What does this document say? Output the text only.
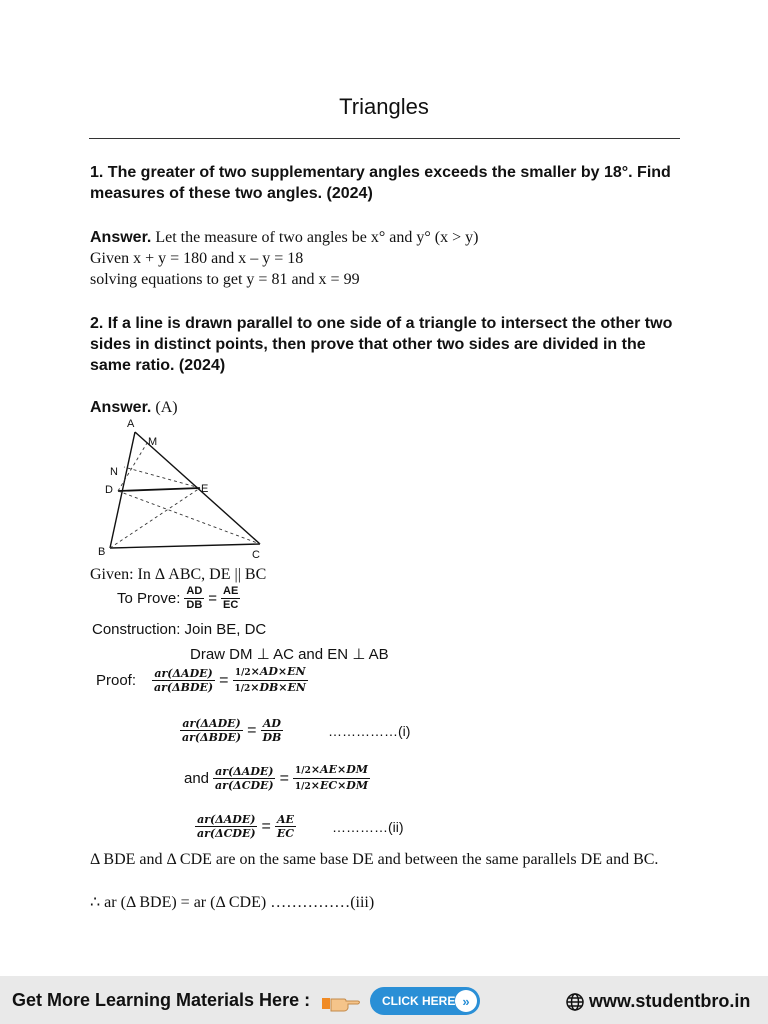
Triangles
1. The greater of two supplementary angles exceeds the smaller by 18°. Find measures of these two angles. (2024)
Answer. Let the measure of two angles be x° and y° (x > y)
Given x + y = 180 and x – y = 18
solving equations to get y = 81 and x = 99
2. If a line is drawn parallel to one side of a triangle to intersect the other two sides in distinct points, then prove that other two sides are divided in the same ratio. (2024)
Answer. (A)
A
M
N
D	E
B	C
Given: In Δ ABC, DE || BC
To Prove: $\frac{AD}{DB} = \frac{AE}{EC}$
Construction: Join BE, DC
Draw DM ⊥ AC and EN ⊥ AB
Proof:	$\frac{\text{ar(ΔADE)}}{\text{ar(ΔBDE)}} = \frac{1/2\times AD\times EN}{1/2\times DB\times EN}$
$\frac{\text{ar(ΔADE)}}{\text{ar(ΔBDE)}} = \frac{AD}{DB}$	……………(i)
and $\frac{\text{ar(ΔADE)}}{\text{ar(ΔCDE)}} = \frac{1/2\times AE\times DM}{1/2\times EC\times DM}$
$\frac{\text{ar(ΔADE)}}{\text{ar(ΔCDE)}} = \frac{AE}{EC}$	…………(ii)
Δ BDE and Δ CDE are on the same base DE and between the same parallels DE and BC.
∴ ar (Δ BDE) = ar (Δ CDE) ……………(iii)
Get More Learning Materials Here :	CLICK HERE »	www.studentbro.in
